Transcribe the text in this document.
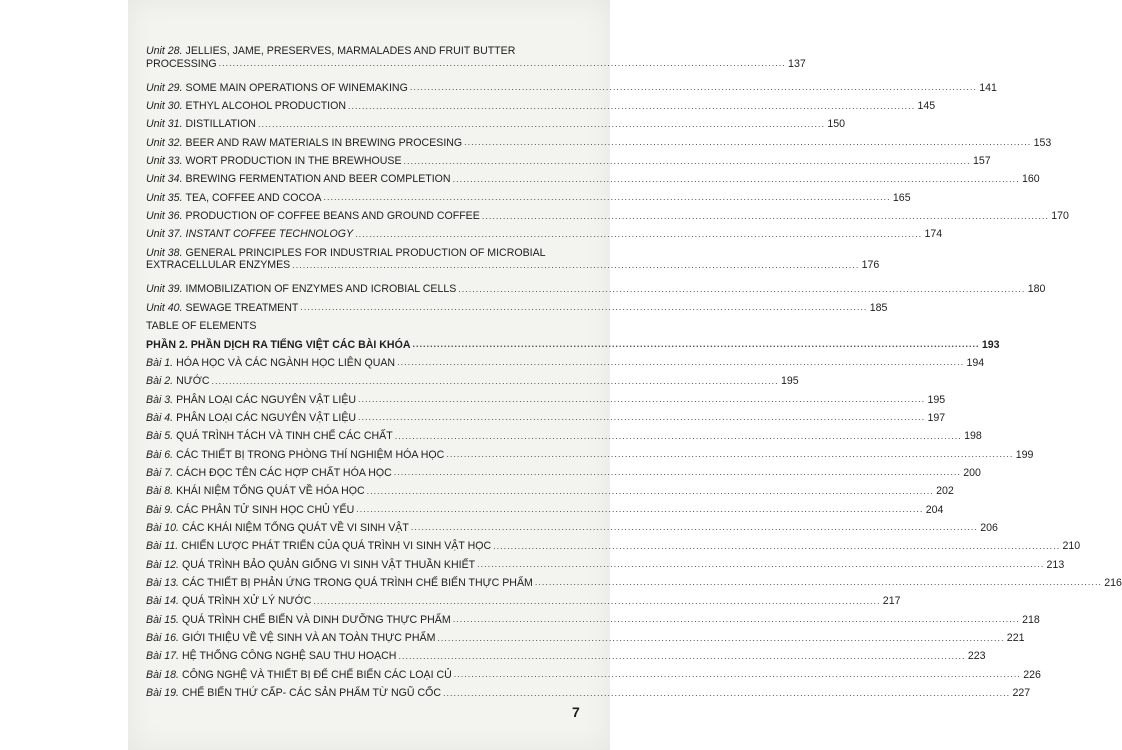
Unit 28. JELLIES, JAME, PRESERVES, MARMALADES AND FRUIT BUTTER
PROCESSING .....	137
Unit 29. SOME MAIN OPERATIONS OF WINEMAKING .....	141
Unit 30. ETHYL ALCOHOL PRODUCTION .....	145
Unit 31. DISTILLATION .....	150
Unit 32. BEER AND RAW MATERIALS IN BREWING PROCESING .....	153
Unit 33. WORT PRODUCTION IN THE BREWHOUSE .....	157
Unit 34. BREWING FERMENTATION AND BEER COMPLETION .....	160
Unit 35. TEA, COFFEE AND COCOA .....	165
Unit 36. PRODUCTION OF COFFEE BEANS AND GROUND COFFEE .....	170
Unit 37. INSTANT COFFEE TECHNOLOGY .....	174
Unit 38. GENERAL PRINCIPLES FOR INDUSTRIAL PRODUCTION OF MICROBIAL
EXTRACELLULAR ENZYMES .....	176
Unit 39. IMMOBILIZATION OF ENZYMES AND ICROBIAL CELLS .....	180
Unit 40. SEWAGE TREATMENT .....	185
TABLE OF ELEMENTS
PHẦN 2. PHẦN DỊCH RA TIẾNG VIỆT CÁC BÀI KHÓA .....	193
Bài 1. HÓA HỌC VÀ CÁC NGÀNH HỌC LIÊN QUAN .....	194
Bài 2. NƯỚC .....	195
Bài 3. PHÂN LOẠI CÁC NGUYÊN VẬT LIỆU .....	195
Bài 4. PHÂN LOẠI CÁC NGUYÊN VẬT LIỆU .....	197
Bài 5. QUÁ TRÌNH TÁCH VÀ TINH CHẾ CÁC CHẤT .....	198
Bài 6. CÁC THIẾT BỊ TRONG PHÒNG THÍ NGHIỆM HÓA HỌC .....	199
Bài 7. CÁCH ĐỌC TÊN CÁC HỢP CHẤT HÓA HỌC .....	200
Bài 8. KHÁI NIỆM TỔNG QUÁT VỀ HÓA HỌC .....	202
Bài 9. CÁC PHÂN TỬ SINH HỌC CHỦ YẾU .....	204
Bài 10. CÁC KHÁI NIỆM TỔNG QUÁT VỀ VI SINH VẬT .....	206
Bài 11. CHIẾN LƯỢC PHÁT TRIỂN CỦA QUÁ TRÌNH VI SINH VẬT HỌC .....	210
Bài 12. QUÁ TRÌNH BẢO QUẢN GIỐNG VI SINH VẬT THUẦN KHIẾT .....	213
Bài 13. CÁC THIẾT BỊ PHẢN ỨNG TRONG QUÁ TRÌNH CHẾ BIẾN THỰC PHẨM .....	216
Bài 14. QUÁ TRÌNH XỬ LÝ NƯỚC .....	217
Bài 15. QUÁ TRÌNH CHẾ BIẾN VÀ DINH DƯỠNG THỰC PHẨM .....	218
Bài 16. GIỚI THIỆU VỀ VỆ SINH VÀ AN TOÀN THỰC PHẨM .....	221
Bài 17. HỆ THỐNG CÔNG NGHỆ SAU THU HOẠCH .....	223
Bài 18. CÔNG NGHỆ VÀ THIẾT BỊ ĐỂ CHẾ BIẾN CÁC LOẠI CỦ .....	226
Bài 19. CHẾ BIẾN THỨ CẤP- CÁC SẢN PHẨM TỪ NGŨ CỐC .....	227
7
